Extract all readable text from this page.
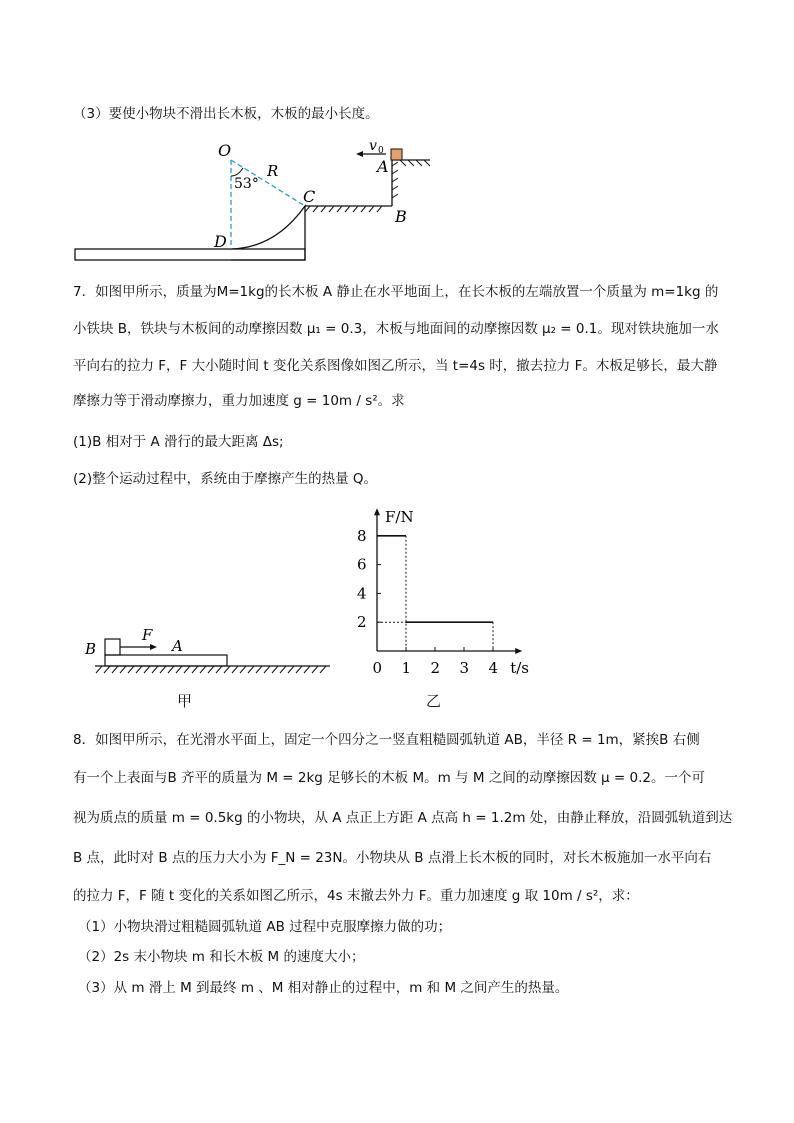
（3）要使小物块不滑出长木板，木板的最小长度。
O
R
53°
C
D
A
B
v 0
7．如图甲所示，质量为M=1kg的长木板 A 静止在水平地面上，在长木板的左端放置一个质量为 m=1kg 的
小铁块 B，铁块与木板间的动摩擦因数 μ₁ = 0.3，木板与地面间的动摩擦因数 μ₂ = 0.1。现对铁块施加一水
平向右的拉力 F，F 大小随时间 t 变化关系图像如图乙所示，当 t=4s 时，撤去拉力 F。木板足够长，最大静
摩擦力等于滑动摩擦力，重力加速度 g = 10m / s²。求
(1)B 相对于 A 滑行的最大距离 Δs;
(2)整个运动过程中，系统由于摩擦产生的热量 Q。
B
F
A
甲
F/N
t/s
0 1 2 3 4
2
4
6
8
乙
8．如图甲所示，在光滑水平面上，固定一个四分之一竖直粗糙圆弧轨道 AB，半径 R = 1m，紧挨B 右侧
有一个上表面与B 齐平的质量为 M = 2kg 足够长的木板 M。m 与 M 之间的动摩擦因数 μ = 0.2。一个可
视为质点的质量 m = 0.5kg 的小物块，从 A 点正上方距 A 点高 h = 1.2m 处，由静止释放，沿圆弧轨道到达
B 点，此时对 B 点的压力大小为 F_N = 23N。小物块从 B 点滑上长木板的同时，对长木板施加一水平向右
的拉力 F，F 随 t 变化的关系如图乙所示，4s 末撤去外力 F。重力加速度 g 取 10m / s²，求：
（1）小物块滑过粗糙圆弧轨道 AB 过程中克服摩擦力做的功；
（2）2s 末小物块 m 和长木板 M 的速度大小；
（3）从 m 滑上 M 到最终 m 、M 相对静止的过程中，m 和 M 之间产生的热量。
